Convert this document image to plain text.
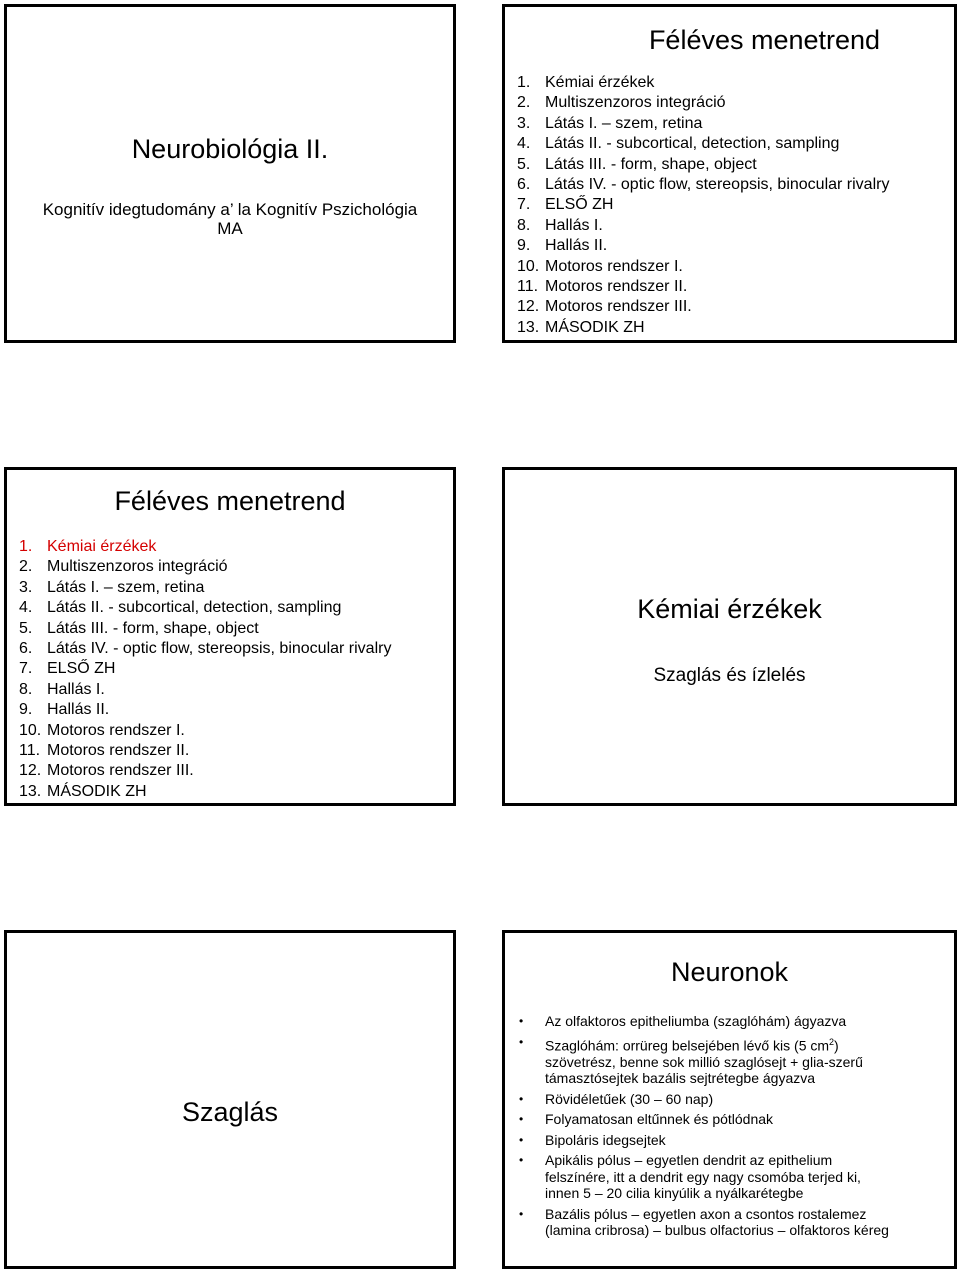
Neurobiológia II.
Kognitív idegtudomány a’ la Kognitív Pszichológia
MA
Féléves menetrend
1. Kémiai érzékek
2. Multiszenzoros integráció
3. Látás I. – szem, retina
4. Látás II. - subcortical, detection, sampling
5. Látás III. - form, shape, object
6. Látás IV. - optic flow, stereopsis, binocular rivalry
7. ELSŐ ZH
8. Hallás I.
9. Hallás II.
10. Motoros rendszer I.
11. Motoros rendszer II.
12. Motoros rendszer III.
13. MÁSODIK ZH
Féléves menetrend
1. Kémiai érzékek
2. Multiszenzoros integráció
3. Látás I. – szem, retina
4. Látás II. - subcortical, detection, sampling
5. Látás III. - form, shape, object
6. Látás IV. - optic flow, stereopsis, binocular rivalry
7. ELSŐ ZH
8. Hallás I.
9. Hallás II.
10. Motoros rendszer I.
11. Motoros rendszer II.
12. Motoros rendszer III.
13. MÁSODIK ZH
Kémiai érzékek
Szaglás és ízlelés
Szaglás
Neuronok
•	Az olfaktoros epitheliumba (szaglóhám) ágyazva
•	Szaglóhám: orrüreg belsejében lévő kis (5 $cm^2$)
szövetrész, benne sok millió szaglósejt + glia-szerű
támasztósejtek bazális sejtrétegbe ágyazva
•	Rövidéletűek (30 – 60 nap)
•	Folyamatosan eltűnnek és pótlódnak
•	Bipoláris idegsejtek
•	Apikális pólus – egyetlen dendrit az epithelium
felszínére, itt a dendrit egy nagy csomóba terjed ki,
innen 5 – 20 cilia kinyúlik a nyálkarétegbe
•	Bazális pólus – egyetlen axon a csontos rostalemez
(lamina cribrosa) – bulbus olfactorius – olfaktoros kéreg
